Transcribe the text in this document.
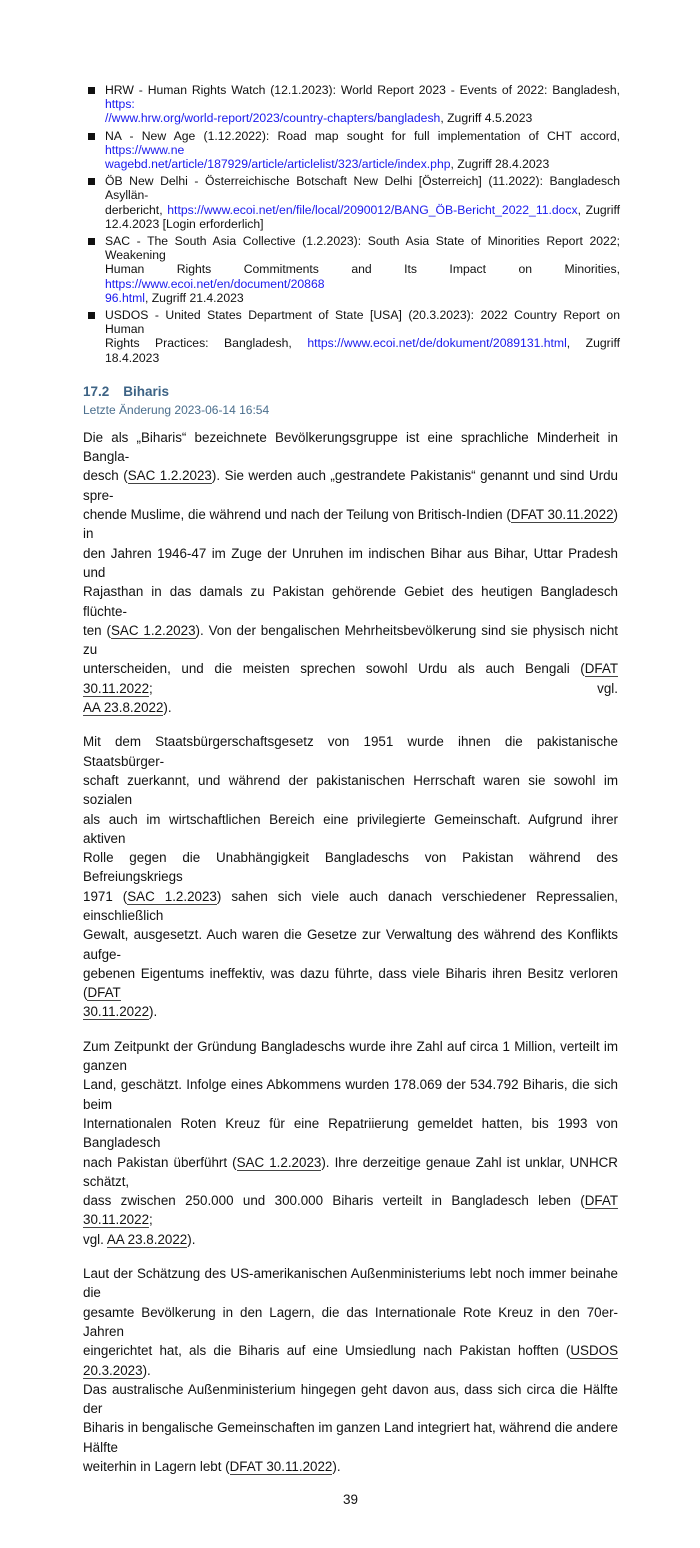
HRW - Human Rights Watch (12.1.2023): World Report 2023 - Events of 2022: Bangladesh, https:
//www.hrw.org/world-report/2023/country-chapters/bangladesh, Zugriff 4.5.2023
NA - New Age (1.12.2022): Road map sought for full implementation of CHT accord, https://www.ne
wagebd.net/article/187929/article/articlelist/323/article/index.php, Zugriff 28.4.2023
ÖB New Delhi - Österreichische Botschaft New Delhi [Österreich] (11.2022): Bangladesch Asyllän-
derbericht, https://www.ecoi.net/en/file/local/2090012/BANG_ÖB-Bericht_2022_11.docx, Zugriff
12.4.2023 [Login erforderlich]
SAC - The South Asia Collective (1.2.2023): South Asia State of Minorities Report 2022; Weakening
Human Rights Commitments and Its Impact on Minorities, https://www.ecoi.net/en/document/20868
96.html, Zugriff 21.4.2023
USDOS - United States Department of State [USA] (20.3.2023): 2022 Country Report on Human
Rights Practices: Bangladesh, https://www.ecoi.net/de/dokument/2089131.html, Zugriff 18.4.2023
17.2 Biharis
Letzte Änderung 2023-06-14 16:54
Die als „Biharis“ bezeichnete Bevölkerungsgruppe ist eine sprachliche Minderheit in Bangla-
desch (SAC 1.2.2023). Sie werden auch „gestrandete Pakistanis“ genannt und sind Urdu spre-
chende Muslime, die während und nach der Teilung von Britisch-Indien (DFAT 30.11.2022) in
den Jahren 1946-47 im Zuge der Unruhen im indischen Bihar aus Bihar, Uttar Pradesh und
Rajasthan in das damals zu Pakistan gehörende Gebiet des heutigen Bangladesch flüchte-
ten (SAC 1.2.2023). Von der bengalischen Mehrheitsbevölkerung sind sie physisch nicht zu
unterscheiden, und die meisten sprechen sowohl Urdu als auch Bengali (DFAT 30.11.2022; vgl.
AA 23.8.2022).
Mit dem Staatsbürgerschaftsgesetz von 1951 wurde ihnen die pakistanische Staatsbürger-
schaft zuerkannt, und während der pakistanischen Herrschaft waren sie sowohl im sozialen
als auch im wirtschaftlichen Bereich eine privilegierte Gemeinschaft. Aufgrund ihrer aktiven
Rolle gegen die Unabhängigkeit Bangladeschs von Pakistan während des Befreiungskriegs
1971 (SAC 1.2.2023) sahen sich viele auch danach verschiedener Repressalien, einschließlich
Gewalt, ausgesetzt. Auch waren die Gesetze zur Verwaltung des während des Konflikts aufge-
gebenen Eigentums ineffektiv, was dazu führte, dass viele Biharis ihren Besitz verloren (DFAT
30.11.2022).
Zum Zeitpunkt der Gründung Bangladeschs wurde ihre Zahl auf circa 1 Million, verteilt im ganzen
Land, geschätzt. Infolge eines Abkommens wurden 178.069 der 534.792 Biharis, die sich beim
Internationalen Roten Kreuz für eine Repatriierung gemeldet hatten, bis 1993 von Bangladesch
nach Pakistan überführt (SAC 1.2.2023). Ihre derzeitige genaue Zahl ist unklar, UNHCR schätzt,
dass zwischen 250.000 und 300.000 Biharis verteilt in Bangladesch leben (DFAT 30.11.2022;
vgl. AA 23.8.2022).
Laut der Schätzung des US-amerikanischen Außenministeriums lebt noch immer beinahe die
gesamte Bevölkerung in den Lagern, die das Internationale Rote Kreuz in den 70er-Jahren
eingerichtet hat, als die Biharis auf eine Umsiedlung nach Pakistan hofften (USDOS 20.3.2023).
Das australische Außenministerium hingegen geht davon aus, dass sich circa die Hälfte der
Biharis in bengalische Gemeinschaften im ganzen Land integriert hat, während die andere Hälfte
weiterhin in Lagern lebt (DFAT 30.11.2022).
39
